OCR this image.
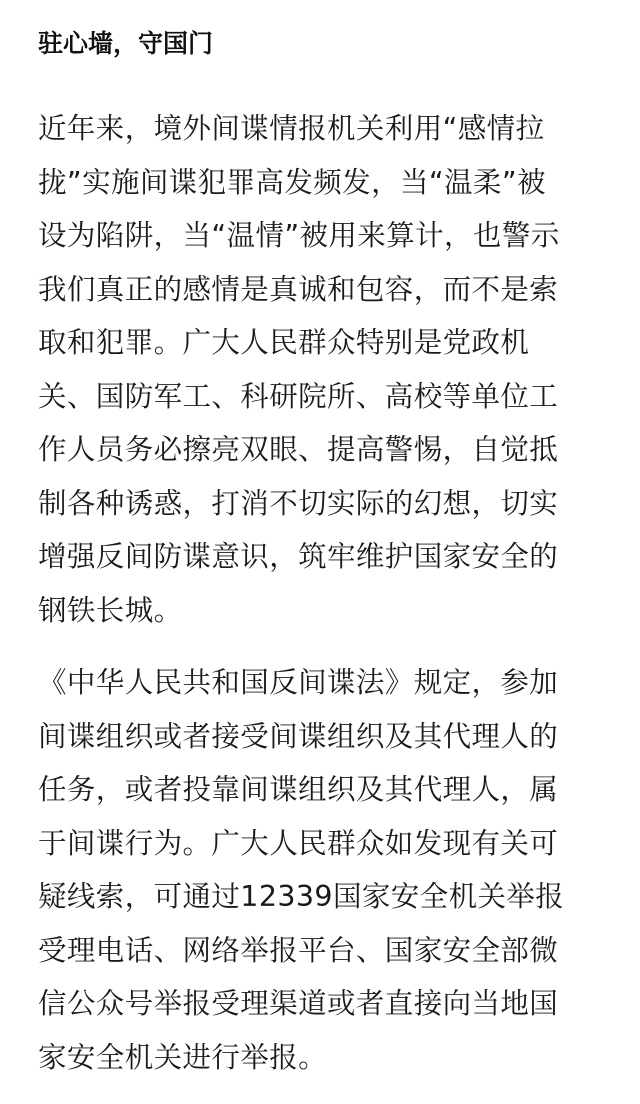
驻心墙，守国门
近年来，境外间谍情报机关利用“感情拉
拢”实施间谍犯罪高发频发，当“温柔”被
设为陷阱，当“温情”被用来算计，也警示
我们真正的感情是真诚和包容，而不是索
取和犯罪。广大人民群众特别是党政机
关、国防军工、科研院所、高校等单位工
作人员务必擦亮双眼、提高警惕，自觉抵
制各种诱惑，打消不切实际的幻想，切实
增强反间防谍意识，筑牢维护国家安全的
钢铁长城。
《中华人民共和国反间谍法》规定，参加
间谍组织或者接受间谍组织及其代理人的
任务，或者投靠间谍组织及其代理人，属
于间谍行为。广大人民群众如发现有关可
疑线索，可通过12339国家安全机关举报
受理电话、网络举报平台、国家安全部微
信公众号举报受理渠道或者直接向当地国
家安全机关进行举报。
